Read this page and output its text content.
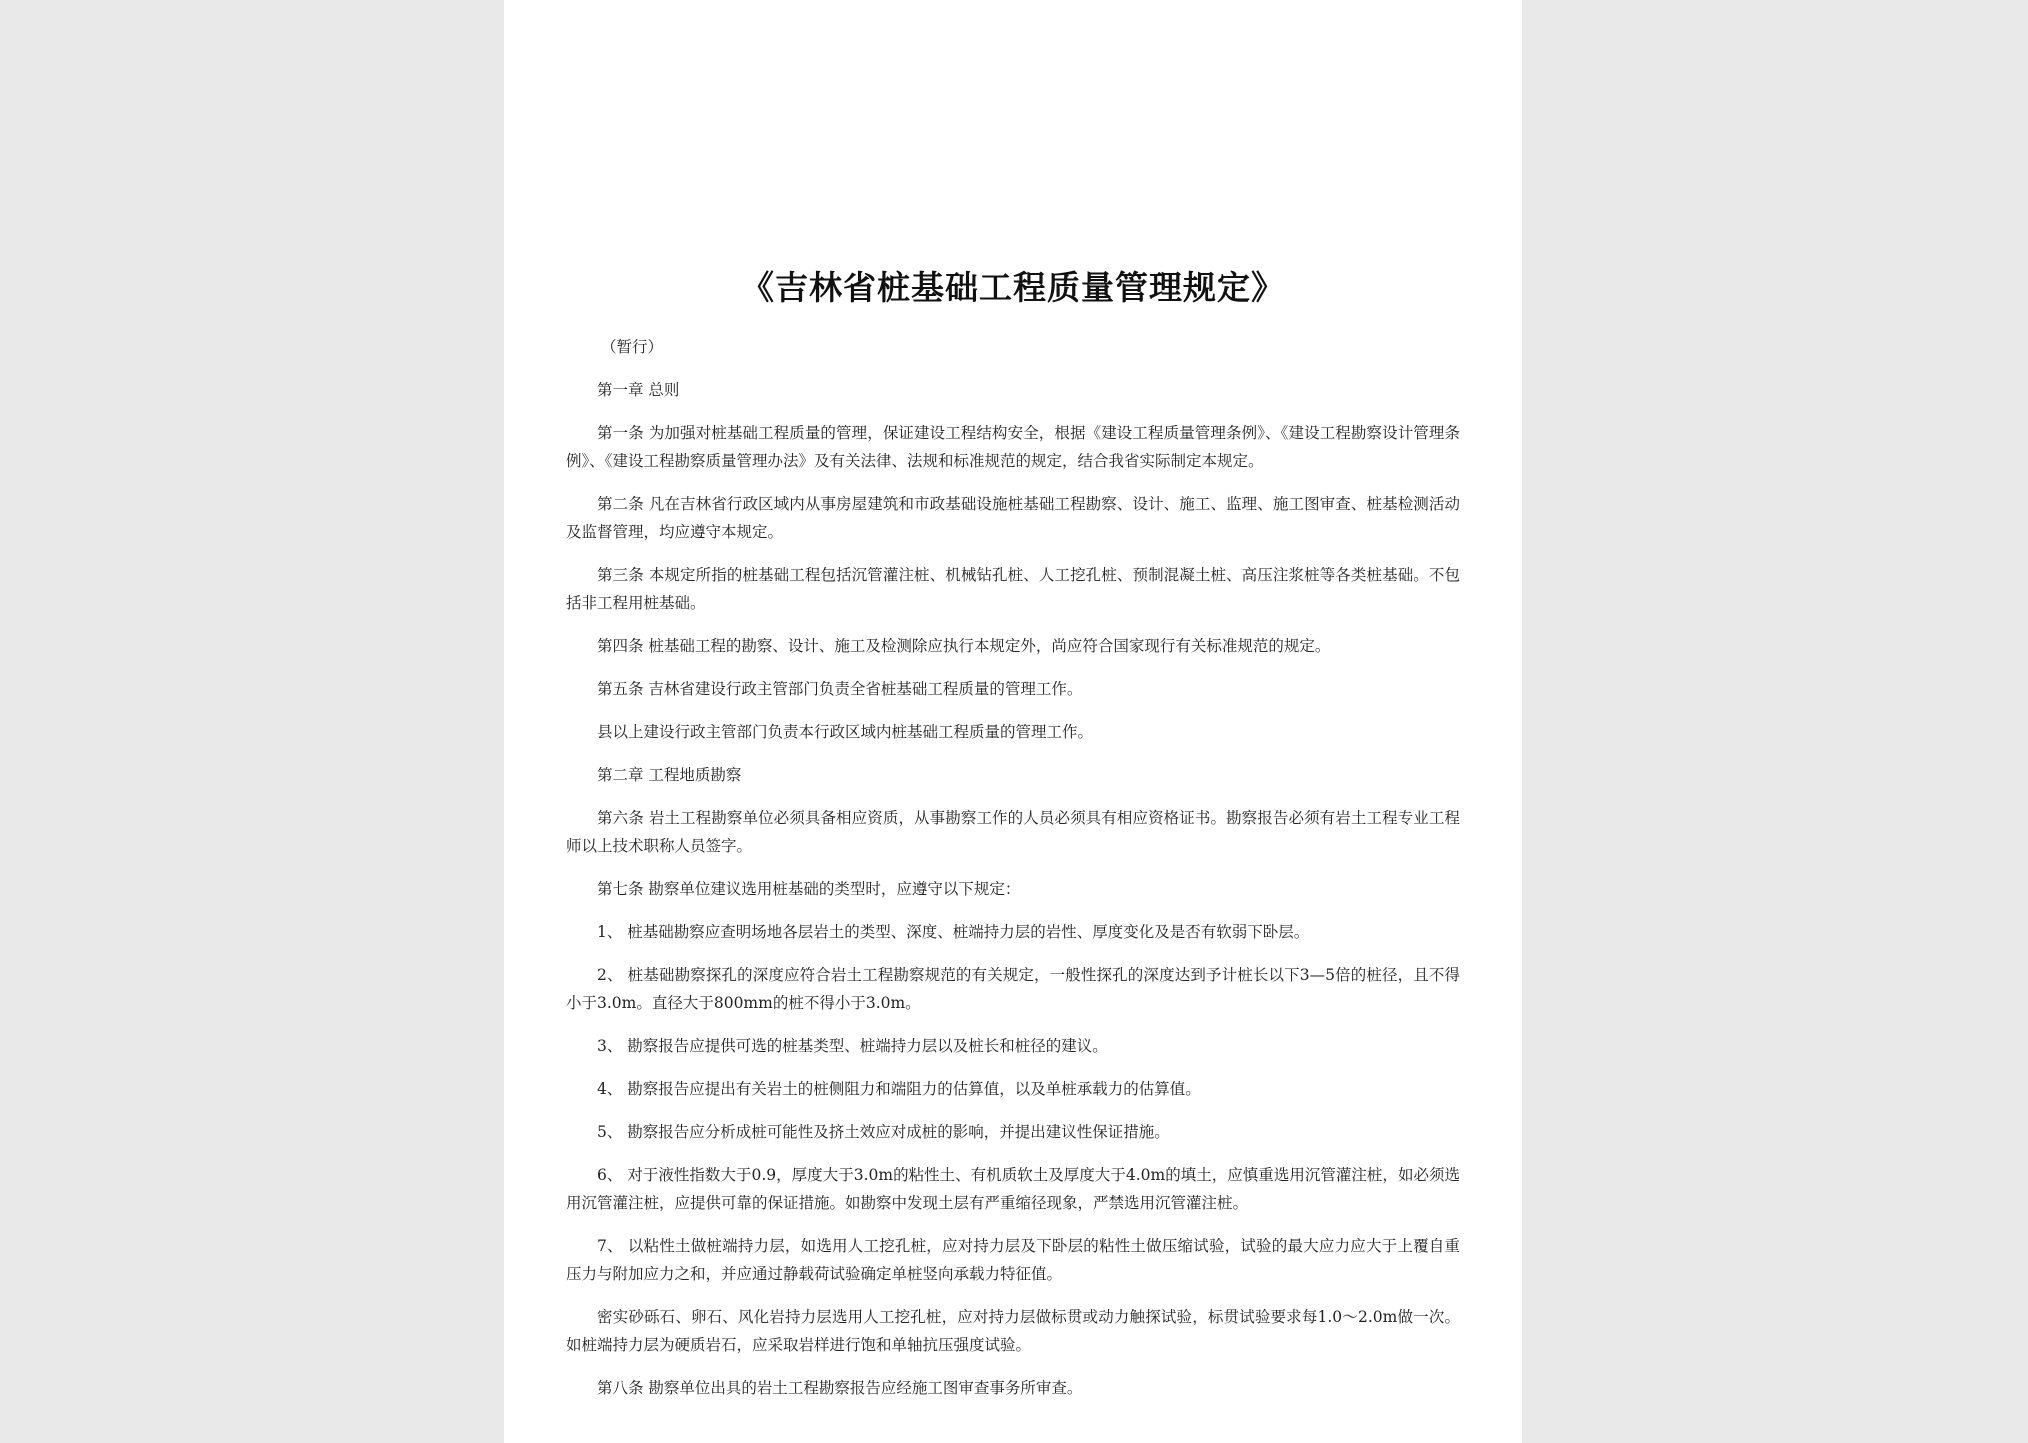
《吉林省桩基础工程质量管理规定》
（暂行）
第一章 总则
第一条 为加强对桩基础工程质量的管理，保证建设工程结构安全，根据《建设工程质量管理条例》、《建设工程勘察设计管理条例》、《建设工程勘察质量管理办法》及有关法律、法规和标准规范的规定，结合我省实际制定本规定。
第二条 凡在吉林省行政区域内从事房屋建筑和市政基础设施桩基础工程勘察、设计、施工、监理、施工图审查、桩基检测活动及监督管理，均应遵守本规定。
第三条 本规定所指的桩基础工程包括沉管灌注桩、机械钻孔桩、人工挖孔桩、预制混凝土桩、高压注浆桩等各类桩基础。不包括非工程用桩基础。
第四条 桩基础工程的勘察、设计、施工及检测除应执行本规定外，尚应符合国家现行有关标准规范的规定。
第五条 吉林省建设行政主管部门负责全省桩基础工程质量的管理工作。
县以上建设行政主管部门负责本行政区域内桩基础工程质量的管理工作。
第二章 工程地质勘察
第六条 岩土工程勘察单位必须具备相应资质，从事勘察工作的人员必须具有相应资格证书。勘察报告必须有岩土工程专业工程师以上技术职称人员签字。
第七条 勘察单位建议选用桩基础的类型时，应遵守以下规定：
1、 桩基础勘察应查明场地各层岩土的类型、深度、桩端持力层的岩性、厚度变化及是否有软弱下卧层。
2、 桩基础勘察探孔的深度应符合岩土工程勘察规范的有关规定，一般性探孔的深度达到予计桩长以下3—5倍的桩径，且不得小于3.0m。直径大于800mm的桩不得小于3.0m。
3、 勘察报告应提供可选的桩基类型、桩端持力层以及桩长和桩径的建议。
4、 勘察报告应提出有关岩土的桩侧阻力和端阻力的估算值，以及单桩承载力的估算值。
5、 勘察报告应分析成桩可能性及挤土效应对成桩的影响，并提出建议性保证措施。
6、 对于液性指数大于0.9，厚度大于3.0m的粘性土、有机质软土及厚度大于4.0m的填土，应慎重选用沉管灌注桩，如必须选用沉管灌注桩，应提供可靠的保证措施。如勘察中发现土层有严重缩径现象，严禁选用沉管灌注桩。
7、 以粘性土做桩端持力层，如选用人工挖孔桩，应对持力层及下卧层的粘性土做压缩试验，试验的最大应力应大于上覆自重压力与附加应力之和，并应通过静载荷试验确定单桩竖向承载力特征值。
密实砂砾石、卵石、风化岩持力层选用人工挖孔桩，应对持力层做标贯或动力触探试验，标贯试验要求每1.0～2.0m做一次。如桩端持力层为硬质岩石，应采取岩样进行饱和单轴抗压强度试验。
第八条 勘察单位出具的岩土工程勘察报告应经施工图审查事务所审查。
